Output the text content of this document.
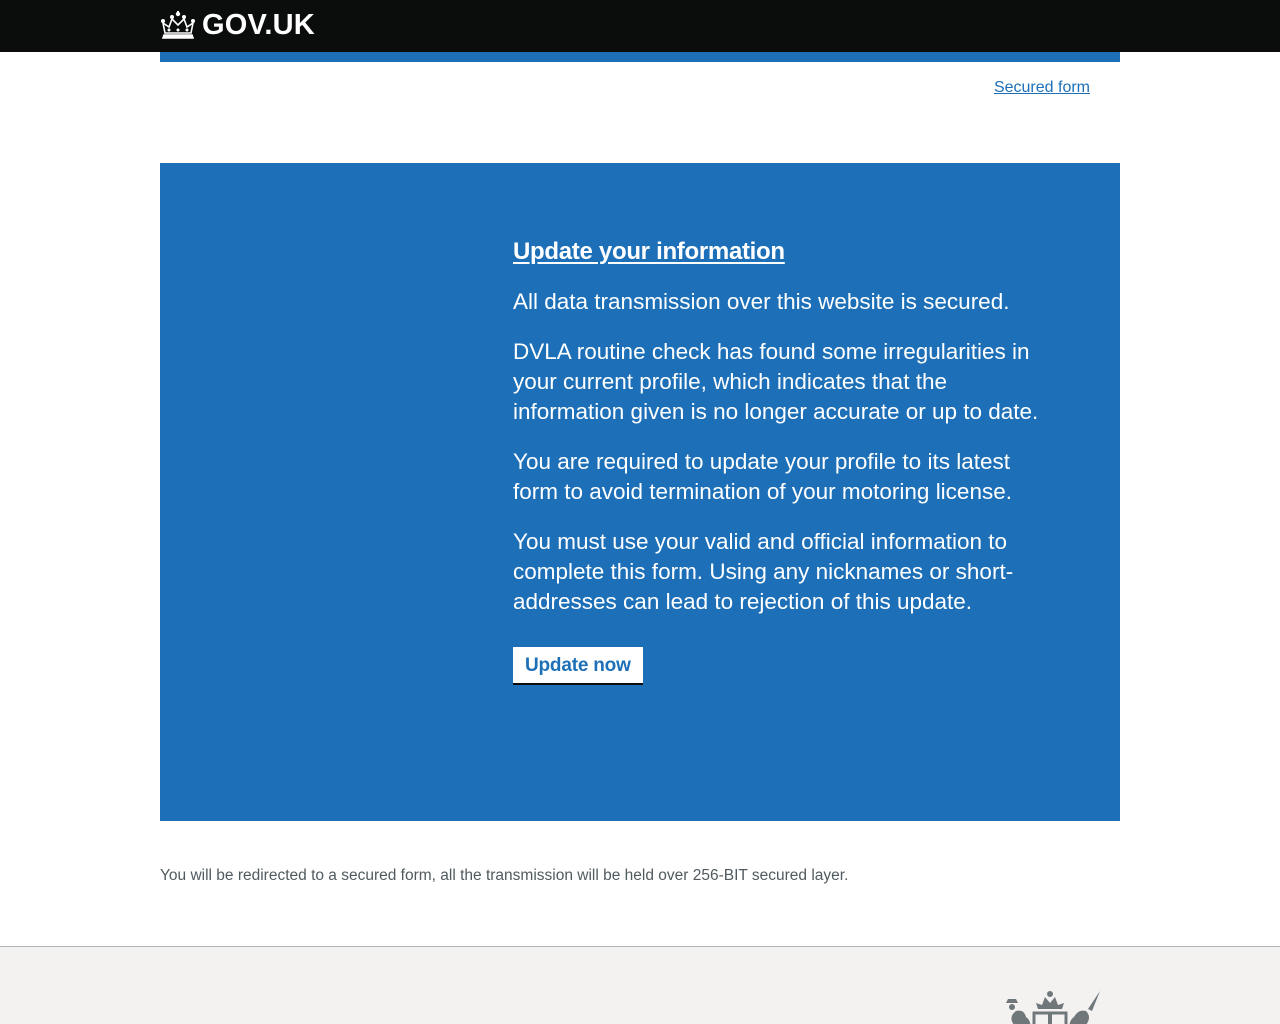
GOV.UK
Secured form
Update your information

All data transmission over this website is secured.

DVLA routine check has found some irregularities in your current profile, which indicates that the information given is no longer accurate or up to date.

You are required to update your profile to its latest form to avoid termination of your motoring license.

You must use your valid and official information to complete this form. Using any nicknames or short-addresses can lead to rejection of this update.

Update now

You will be redirected to a secured form, all the transmission will be held over 256-BIT secured layer.
